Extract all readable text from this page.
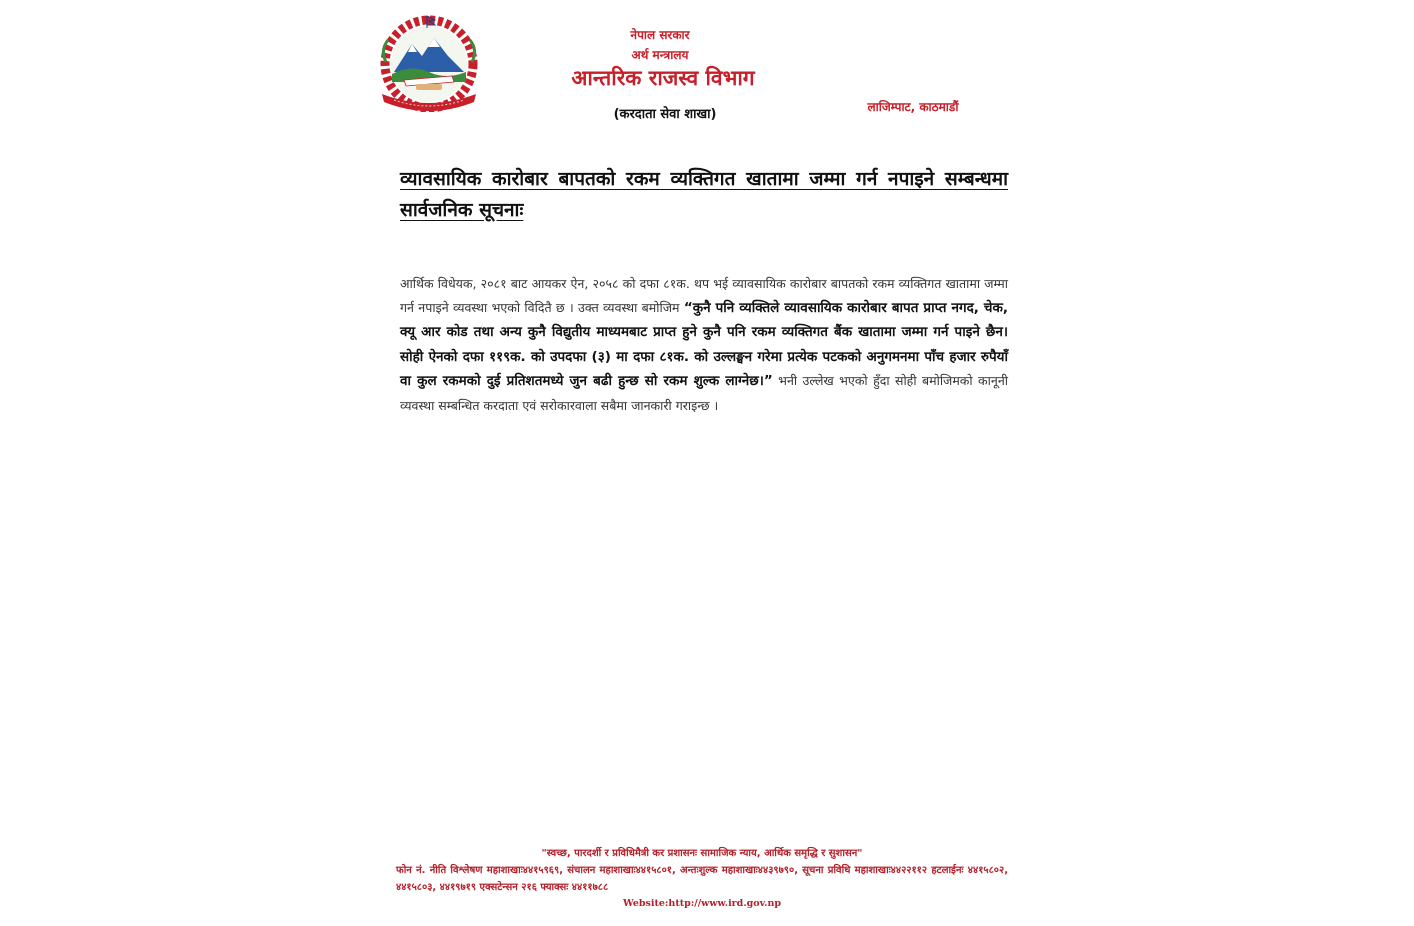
नेपाल सरकार
अर्थ मन्त्रालय
आन्तरिक राजस्व विभाग
(करदाता सेवा शाखा)	लाजिम्पाट, काठमाडौं
व्यावसायिक कारोबार बापतको रकम व्यक्तिगत खातामा जम्मा गर्न नपाइने सम्बन्धमा सार्वजनिक सूचनाः
आर्थिक विधेयक, २०८१ बाट आयकर ऐन, २०५८ को दफा ८१क. थप भई व्यावसायिक कारोबार बापतको रकम व्यक्तिगत खातामा जम्मा गर्न नपाइने व्यवस्था भएको विदितै छ । उक्त व्यवस्था बमोजिम “कुनै पनि व्यक्तिले व्यावसायिक कारोबार बापत प्राप्त नगद, चेक, क्यू आर कोड तथा अन्य कुनै विद्युतीय माध्यमबाट प्राप्त हुने कुनै पनि रकम व्यक्तिगत बैंक खातामा जम्मा गर्न पाइने छैन। सोही ऐनको दफा ११९क. को उपदफा (३) मा दफा ८१क. को उल्लङ्घन गरेमा प्रत्येक पटकको अनुगमनमा पाँच हजार रुपैयाँ वा कुल रकमको दुई प्रतिशतमध्ये जुन बढी हुन्छ सो रकम शुल्क लाग्नेछ।” भनी उल्लेख भएको हुँदा सोही बमोजिमको कानूनी व्यवस्था सम्बन्धित करदाता एवं सरोकारवाला सबैमा जानकारी गराइन्छ ।
"स्वच्छ, पारदर्शी र प्रविधिमैत्री कर प्रशासनः सामाजिक न्याय, आर्थिक समृद्धि र सुशासन"
फोन नं. नीति विश्लेषण महाशाखाः४४१५९६९, संचालन महाशाखाः४४१५८०१, अन्तःशुल्क महाशाखाः४४३९७९०, सूचना प्रविधि महाशाखाः४४२२११२ हटलाईनः ४४१५८०२, ४४१५८०३, ४४१९७१९ एक्सटेन्सन २१६ फ्याक्सः ४४११७८८
Website:http://www.ird.gov.np
